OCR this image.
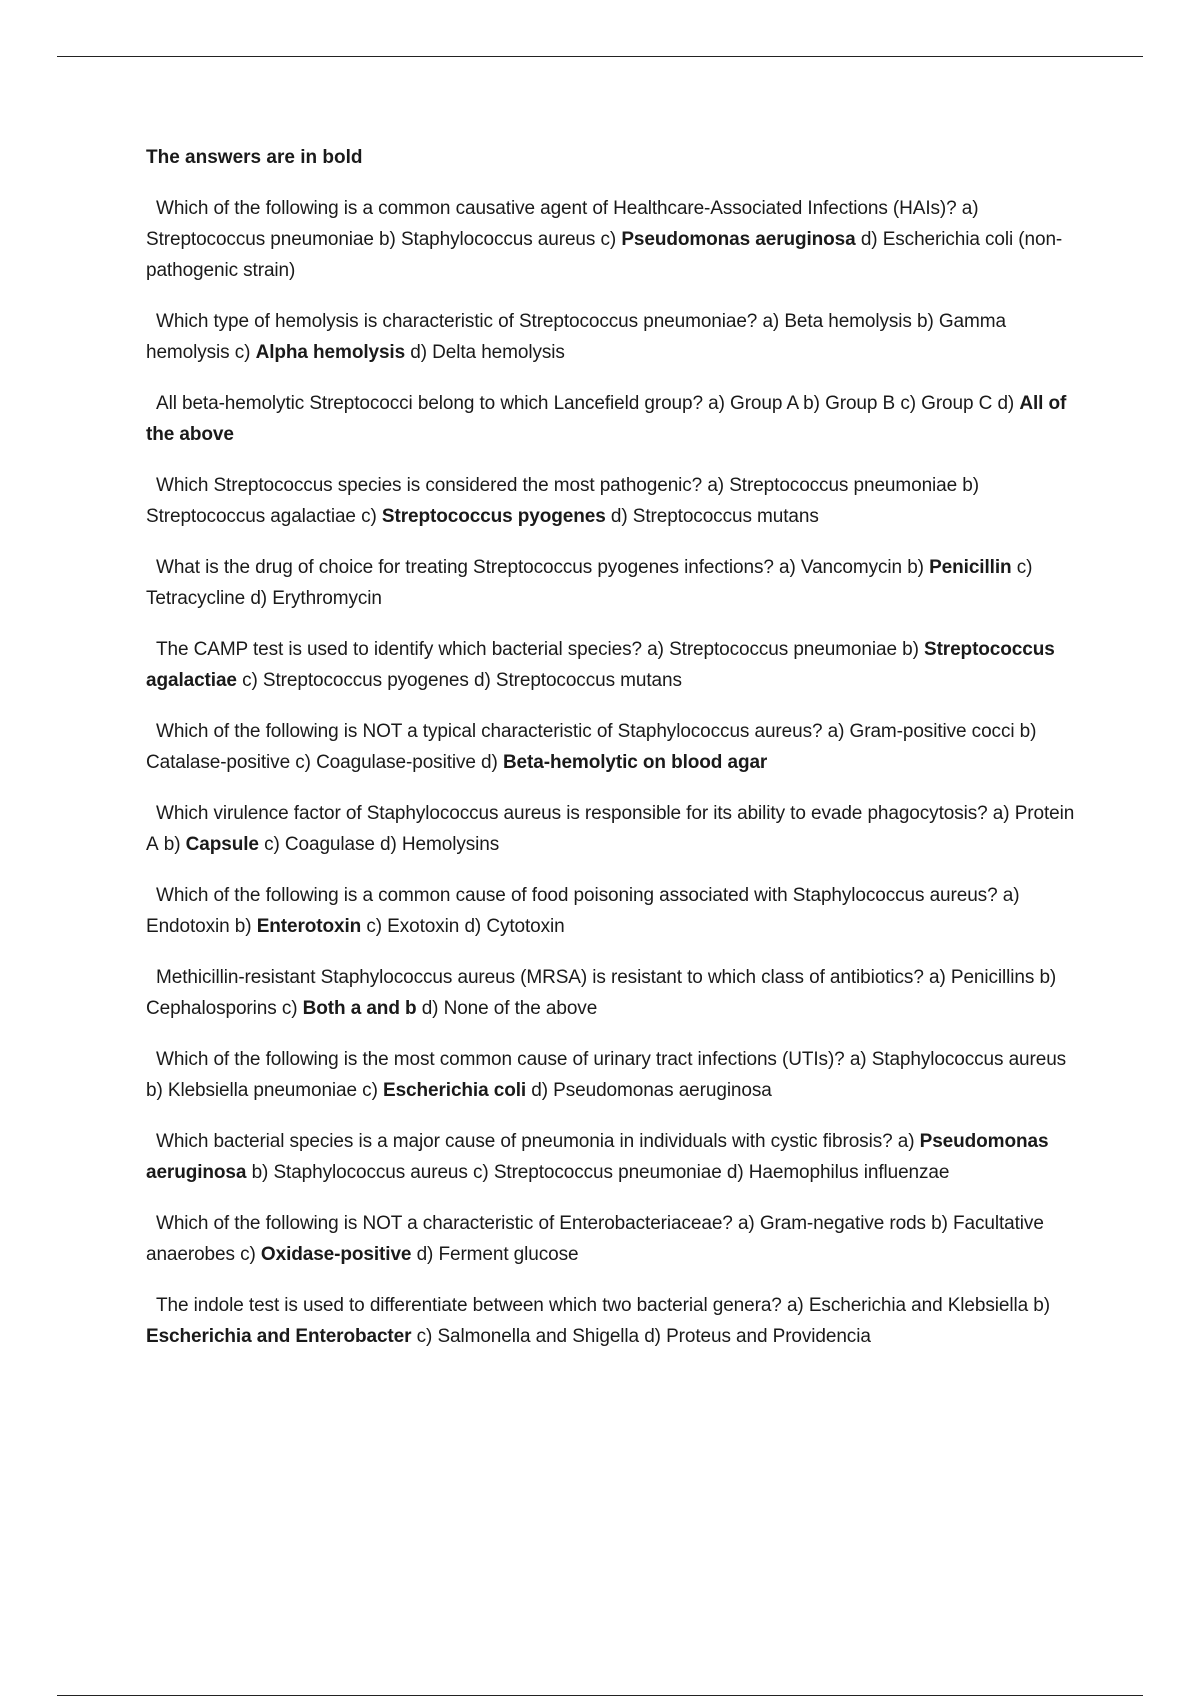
The answers are in bold

Which of the following is a common causative agent of Healthcare-Associated Infections (HAIs)? a) Streptococcus pneumoniae b) Staphylococcus aureus c) Pseudomonas aeruginosa d) Escherichia coli (non-pathogenic strain)

Which type of hemolysis is characteristic of Streptococcus pneumoniae? a) Beta hemolysis b) Gamma hemolysis c) Alpha hemolysis d) Delta hemolysis

All beta-hemolytic Streptococci belong to which Lancefield group? a) Group A b) Group B c) Group C d) All of the above

Which Streptococcus species is considered the most pathogenic? a) Streptococcus pneumoniae b) Streptococcus agalactiae c) Streptococcus pyogenes d) Streptococcus mutans

What is the drug of choice for treating Streptococcus pyogenes infections? a) Vancomycin b) Penicillin c) Tetracycline d) Erythromycin

The CAMP test is used to identify which bacterial species? a) Streptococcus pneumoniae b) Streptococcus agalactiae c) Streptococcus pyogenes d) Streptococcus mutans

Which of the following is NOT a typical characteristic of Staphylococcus aureus? a) Gram-positive cocci b) Catalase-positive c) Coagulase-positive d) Beta-hemolytic on blood agar

Which virulence factor of Staphylococcus aureus is responsible for its ability to evade phagocytosis? a) Protein A b) Capsule c) Coagulase d) Hemolysins

Which of the following is a common cause of food poisoning associated with Staphylococcus aureus? a) Endotoxin b) Enterotoxin c) Exotoxin d) Cytotoxin

Methicillin-resistant Staphylococcus aureus (MRSA) is resistant to which class of antibiotics? a) Penicillins b) Cephalosporins c) Both a and b d) None of the above

Which of the following is the most common cause of urinary tract infections (UTIs)? a) Staphylococcus aureus b) Klebsiella pneumoniae c) Escherichia coli d) Pseudomonas aeruginosa

Which bacterial species is a major cause of pneumonia in individuals with cystic fibrosis? a) Pseudomonas aeruginosa b) Staphylococcus aureus c) Streptococcus pneumoniae d) Haemophilus influenzae

Which of the following is NOT a characteristic of Enterobacteriaceae? a) Gram-negative rods b) Facultative anaerobes c) Oxidase-positive d) Ferment glucose

The indole test is used to differentiate between which two bacterial genera? a) Escherichia and Klebsiella b) Escherichia and Enterobacter c) Salmonella and Shigella d) Proteus and Providencia
